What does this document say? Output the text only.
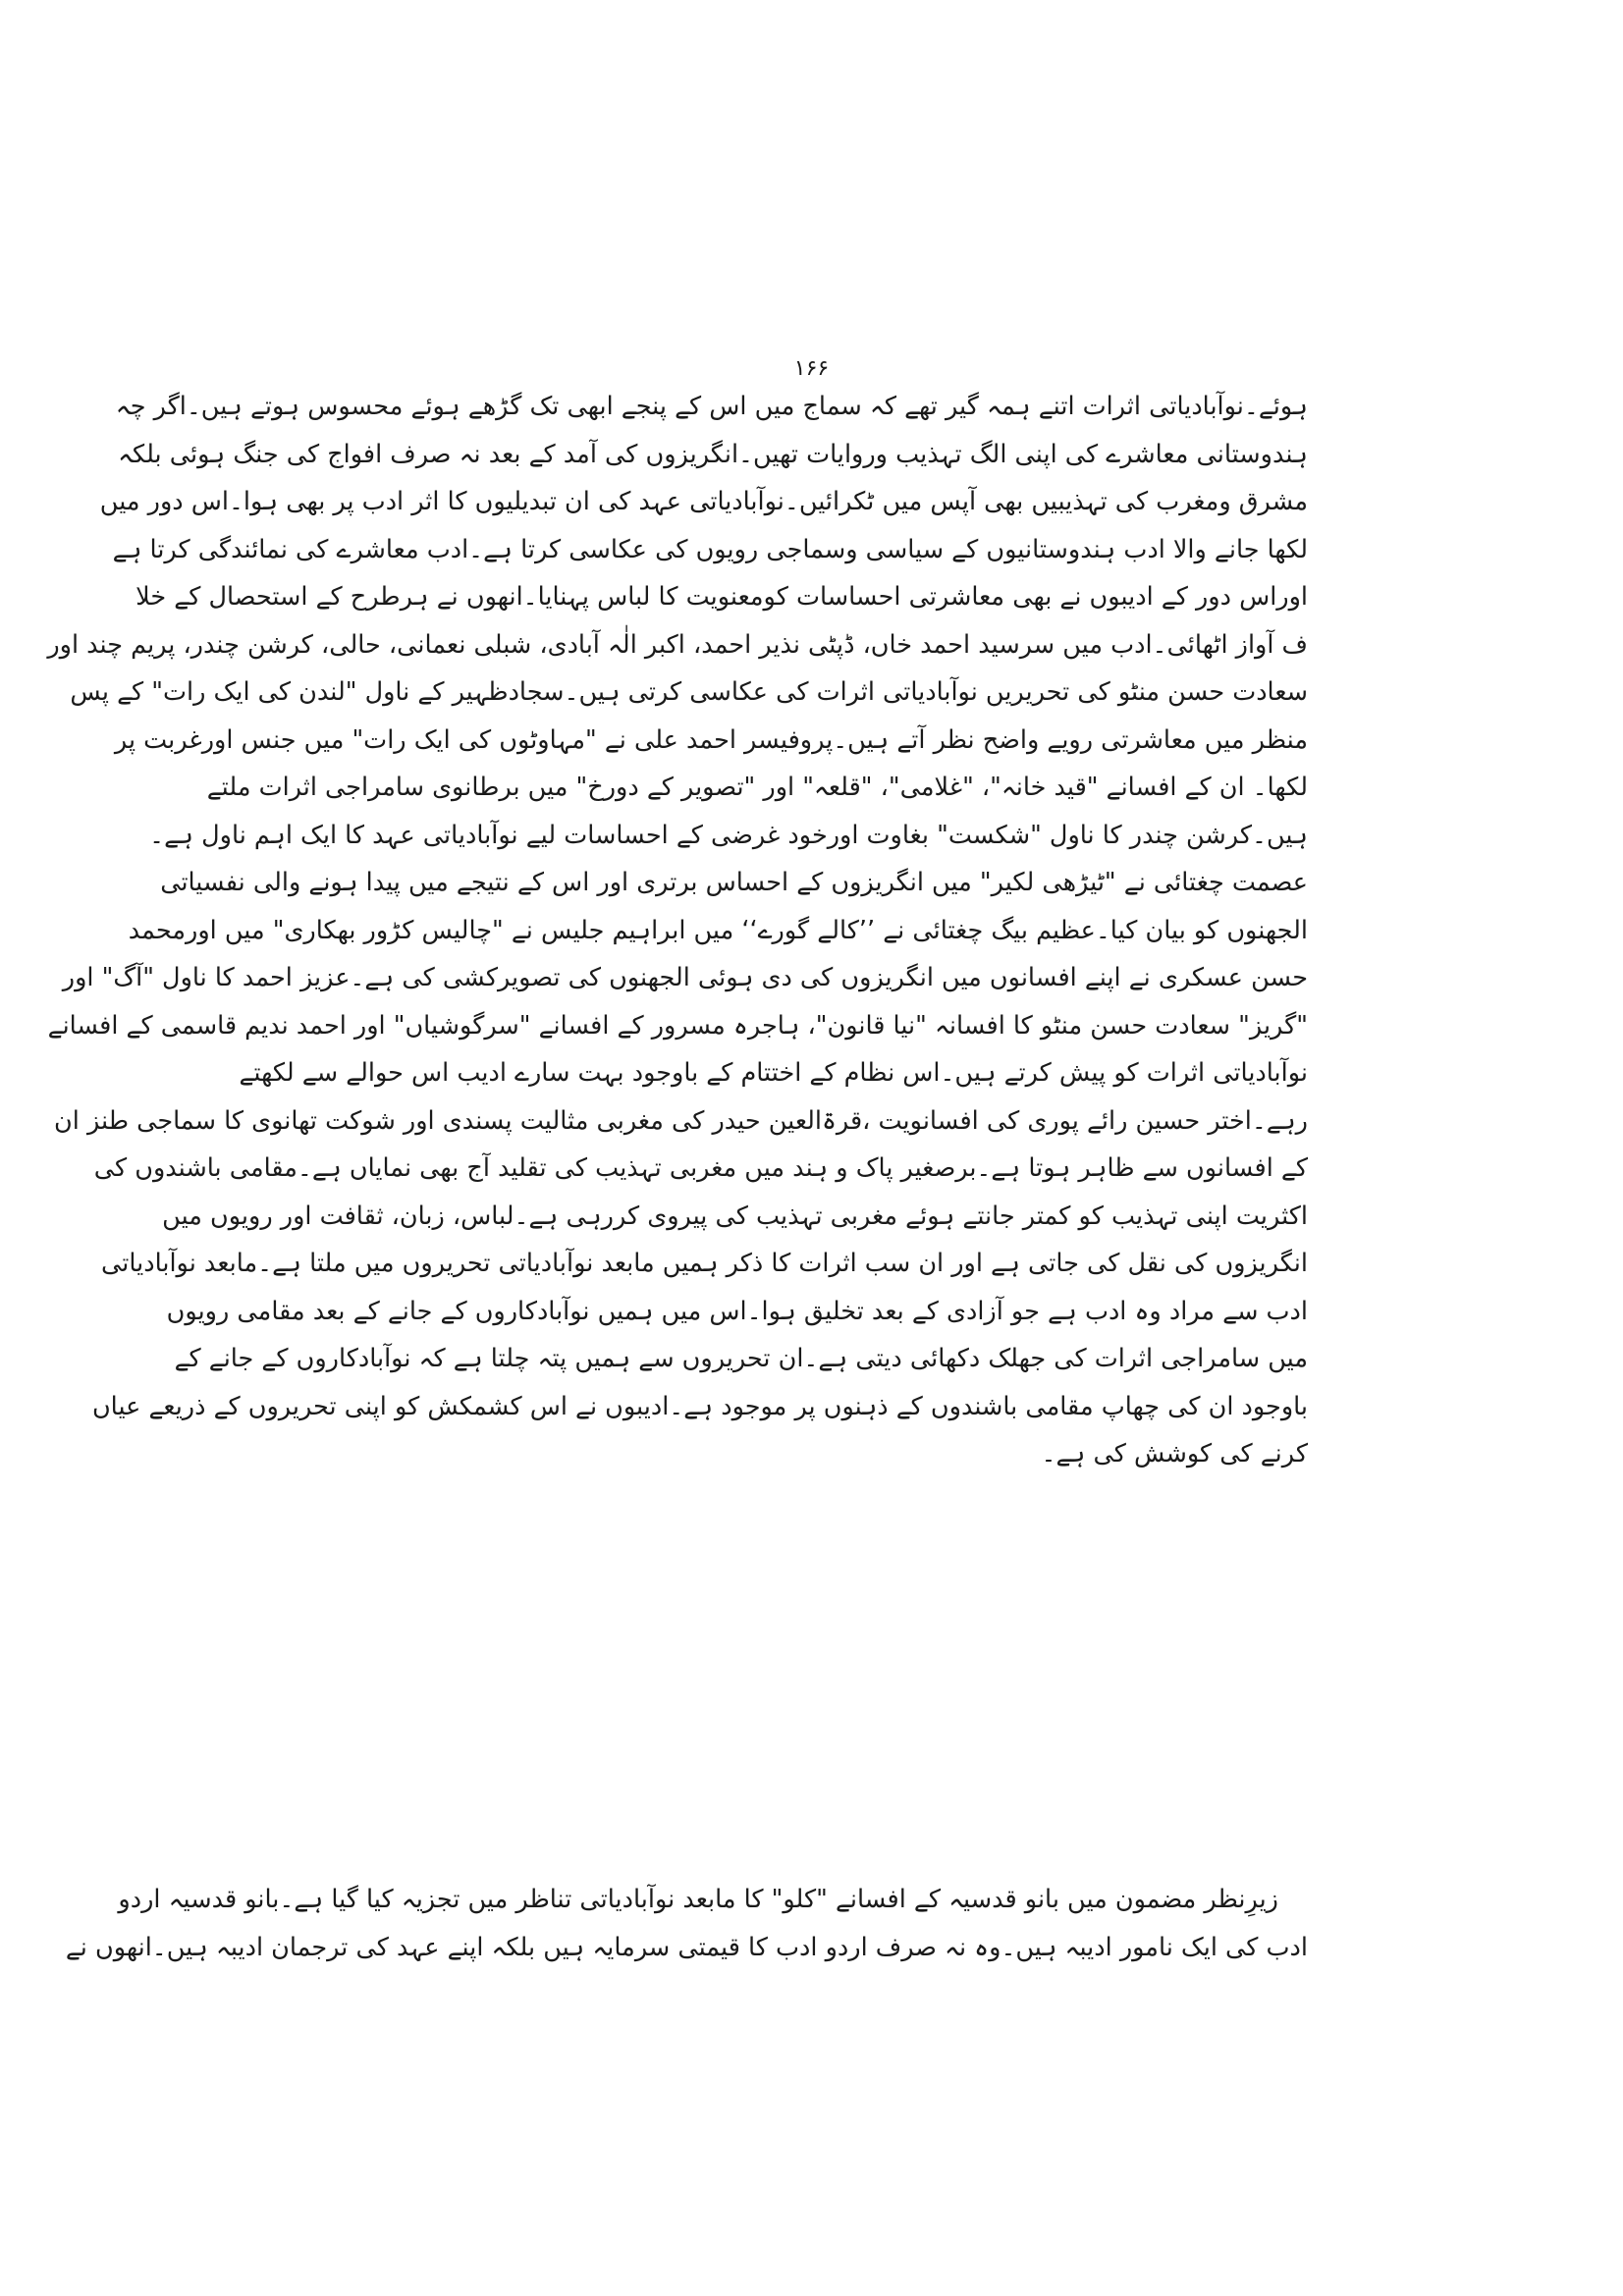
۱۶۶
ہوئے۔نوآبادیاتی اثرات اتنے ہمہ گیر تھے کہ سماج میں اس کے پنجے ابھی تک گڑھے ہوئے محسوس ہوتے ہیں۔اگر چہ
ہندوستانی معاشرے کی اپنی الگ تہذیب وروایات تھیں۔انگریزوں کی آمد کے بعد نہ صرف افواج کی جنگ ہوئی بلکہ
مشرق ومغرب کی تہذیبیں بھی آپس میں ٹکرائیں۔نوآبادیاتی عہد کی ان تبدیلیوں کا اثر ادب پر بھی ہوا۔اس دور میں
لکھا جانے والا ادب ہندوستانیوں کے سیاسی وسماجی رویوں کی عکاسی کرتا ہے۔ادب معاشرے کی نمائندگی کرتا ہے
اوراس دور کے ادیبوں نے بھی معاشرتی احساسات کومعنویت کا لباس پہنایا۔انھوں نے ہرطرح کے استحصال کے خلا
ف آواز اٹھائی۔ادب میں سرسید احمد خاں، ڈپٹی نذیر احمد، اکبر الٰہ آبادی، شبلی نعمانی، حالی، کرشن چندر، پریم چند اور
سعادت حسن منٹو کی تحریریں نوآبادیاتی اثرات کی عکاسی کرتی ہیں۔سجادظہیر کے ناول "لندن کی ایک رات" کے پس
منظر میں معاشرتی رویے واضح نظر آتے ہیں۔پروفیسر احمد علی نے "مہاوٹوں کی ایک رات" میں جنس اورغربت پر
لکھا۔ ان کے افسانے "قید خانہ"، "غلامی"، "قلعہ" اور "تصویر کے دورخ" میں برطانوی سامراجی اثرات ملتے
ہیں۔کرشن چندر کا ناول "شکست" بغاوت اورخود غرضی کے احساسات لیے نوآبادیاتی عہد کا ایک اہم ناول ہے۔
عصمت چغتائی نے "ٹیڑھی لکیر" میں انگریزوں کے احساس برتری اور اس کے نتیجے میں پیدا ہونے والی نفسیاتی
الجھنوں کو بیان کیا۔عظیم بیگ چغتائی نے ’’کالے گورے‘‘ میں ابراہیم جلیس نے "چالیس کڑور بھکاری" میں اورمحمد
حسن عسکری نے اپنے افسانوں میں انگریزوں کی دی ہوئی الجھنوں کی تصویرکشی کی ہے۔عزیز احمد کا ناول "آگ" اور
"گریز" سعادت حسن منٹو کا افسانہ "نیا قانون"، ہاجرہ مسرور کے افسانے "سرگوشیاں" اور احمد ندیم قاسمی کے افسانے
نوآبادیاتی اثرات کو پیش کرتے ہیں۔اس نظام کے اختتام کے باوجود بہت سارے ادیب اس حوالے سے لکھتے
رہے۔اختر حسین رائے پوری کی افسانویت ،قرۃالعین حیدر کی مغربی مثالیت پسندی اور شوکت تھانوی کا سماجی طنز ان
کے افسانوں سے ظاہر ہوتا ہے۔برصغیر پاک و ہند میں مغربی تہذیب کی تقلید آج بھی نمایاں ہے۔مقامی باشندوں کی
اکثریت اپنی تہذیب کو کمتر جانتے ہوئے مغربی تہذیب کی پیروی کررہی ہے۔لباس، زبان، ثقافت اور رویوں میں
انگریزوں کی نقل کی جاتی ہے اور ان سب اثرات کا ذکر ہمیں مابعد نوآبادیاتی تحریروں میں ملتا ہے۔مابعد نوآبادیاتی
ادب سے مراد وہ ادب ہے جو آزادی کے بعد تخلیق ہوا۔اس میں ہمیں نوآبادکاروں کے جانے کے بعد مقامی رویوں
میں سامراجی اثرات کی جھلک دکھائی دیتی ہے۔ان تحریروں سے ہمیں پتہ چلتا ہے کہ نوآبادکاروں کے جانے کے
باوجود ان کی چھاپ مقامی باشندوں کے ذہنوں پر موجود ہے۔ادیبوں نے اس کشمکش کو اپنی تحریروں کے ذریعے عیاں
کرنے کی کوشش کی ہے۔
زیرِنظر مضمون میں بانو قدسیہ کے افسانے "کلو" کا مابعد نوآبادیاتی تناظر میں تجزیہ کیا گیا ہے۔بانو قدسیہ اردو
ادب کی ایک نامور ادیبہ ہیں۔وہ نہ صرف اردو ادب کا قیمتی سرمایہ ہیں بلکہ اپنے عہد کی ترجمان ادیبہ ہیں۔انھوں نے
